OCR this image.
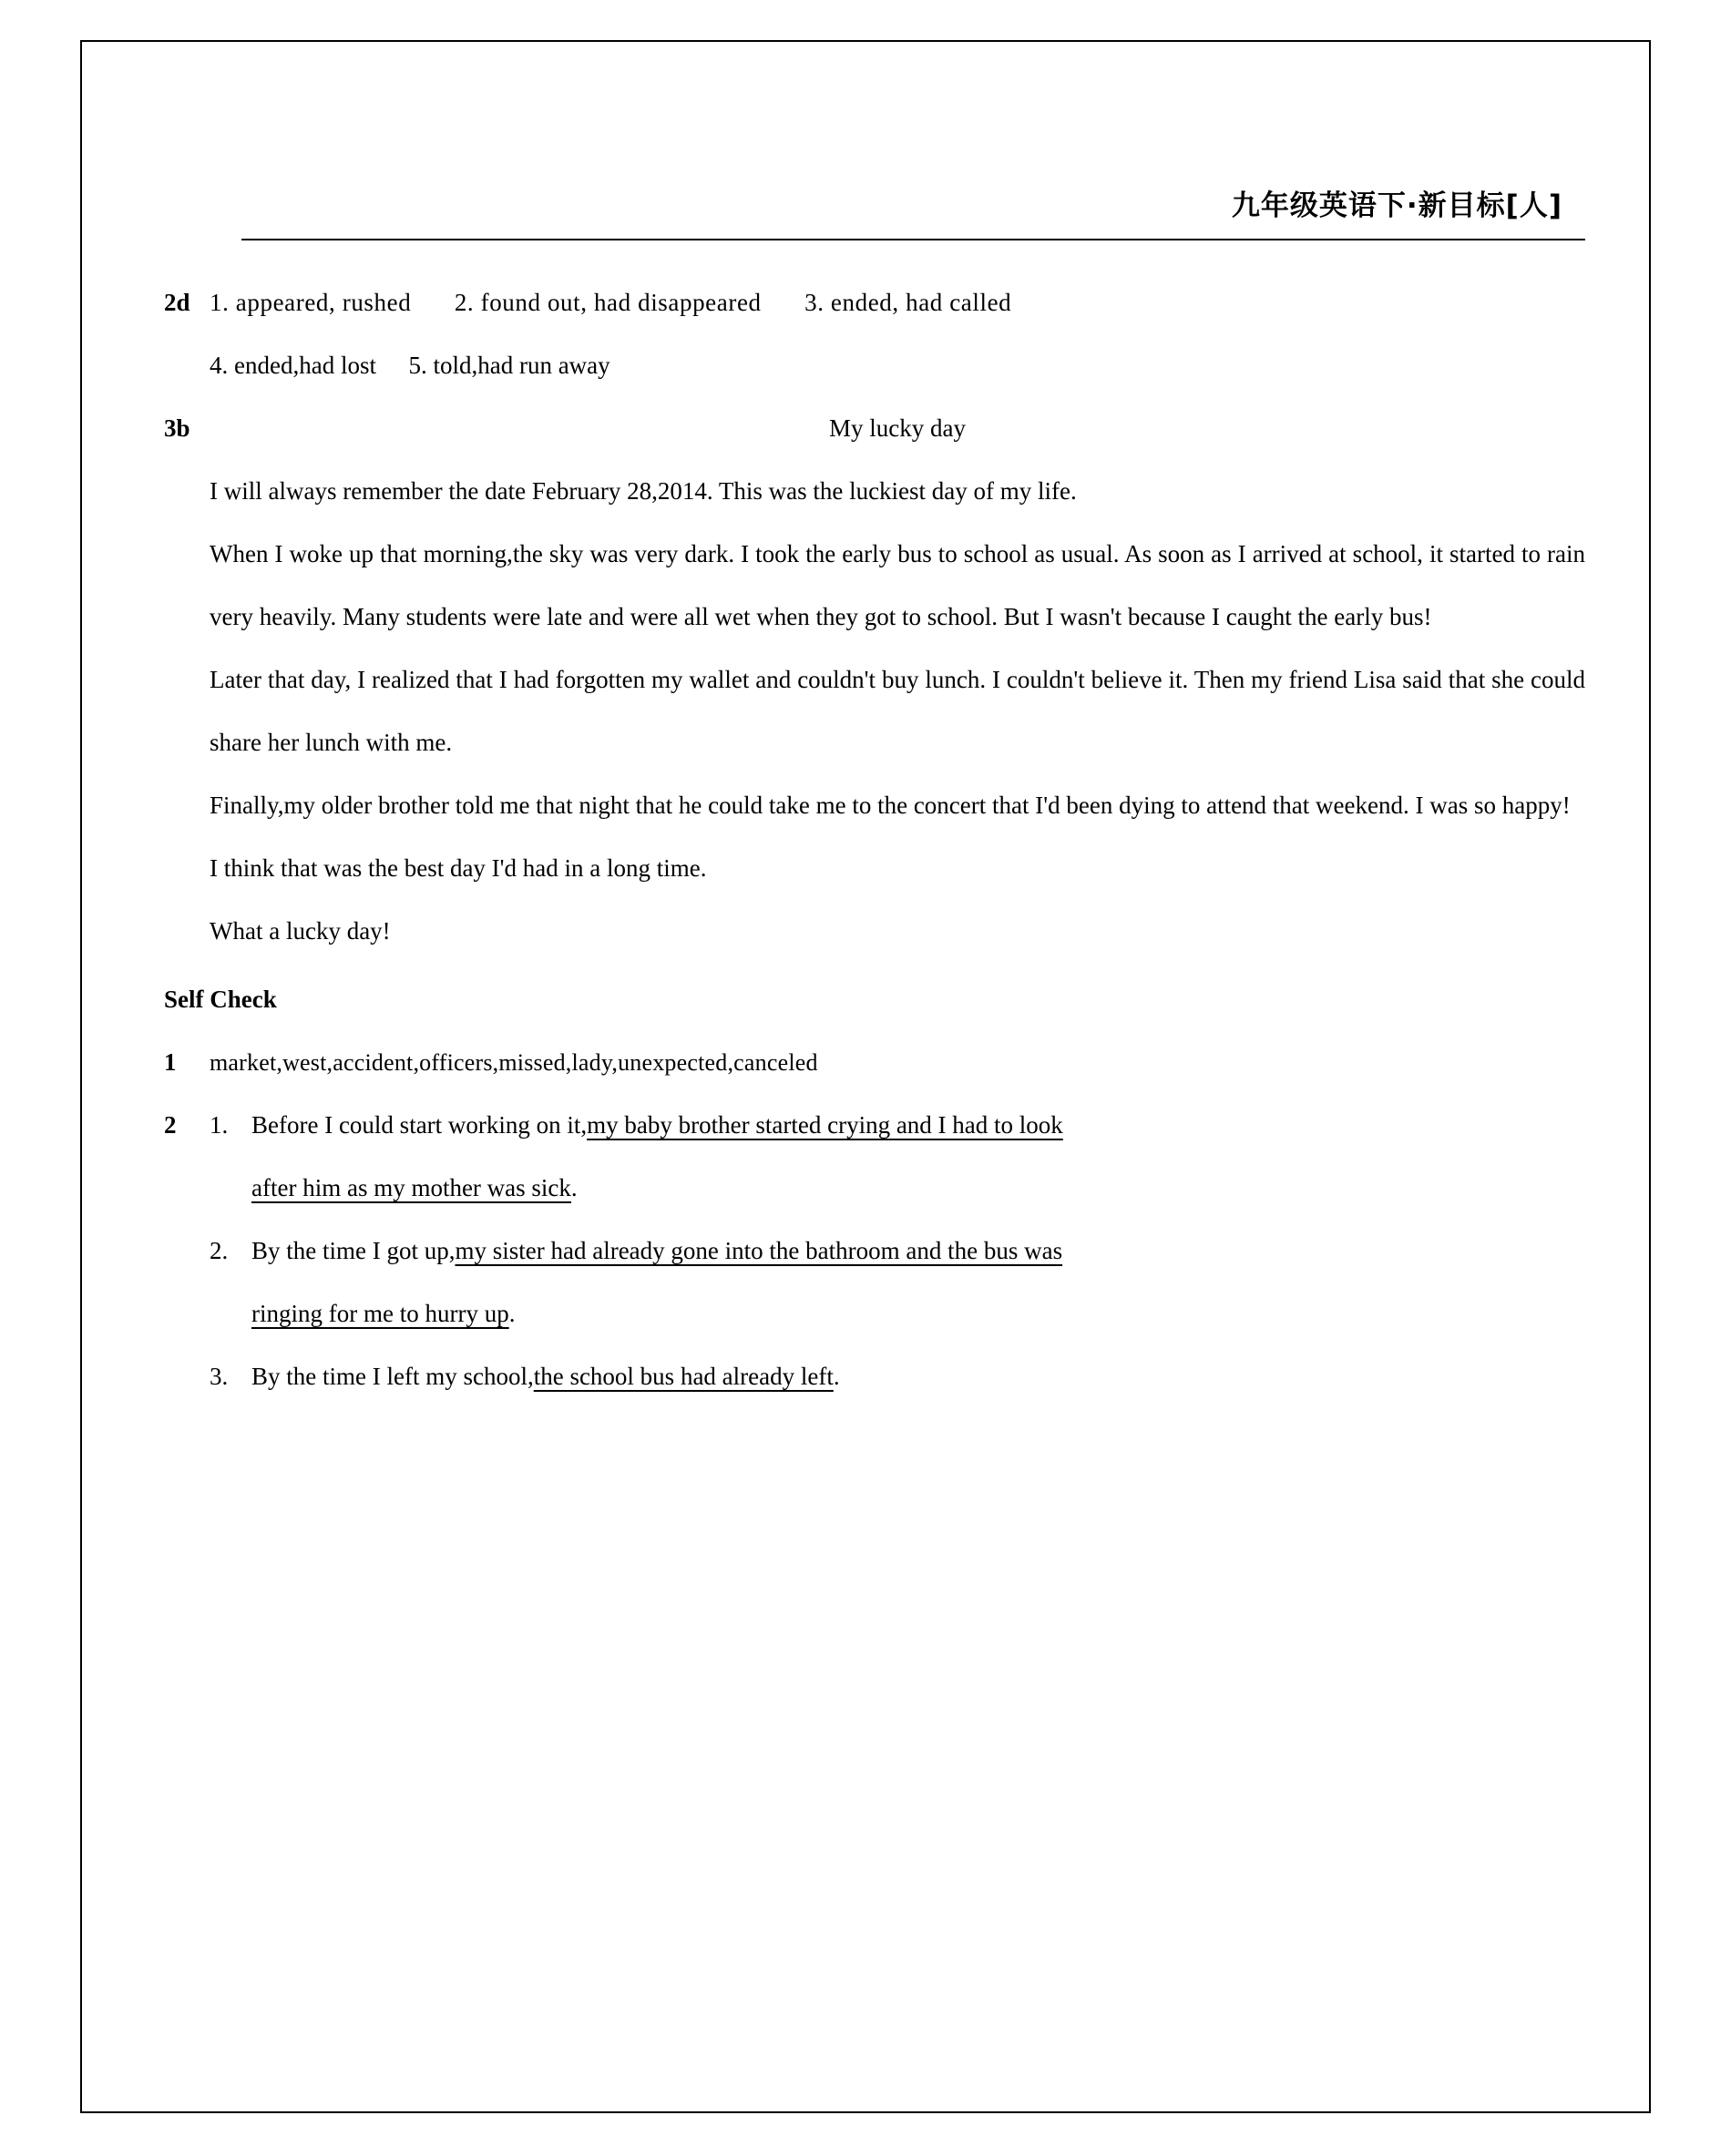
九年级英语下·新目标[人]
2d 1. appeared, rushed 2. found out, had disappeared 3. ended, had called
4. ended,had lost 5. told,had run away
3b	My lucky day
I will always remember the date February 28,2014. This was the luckiest day of my life.
When I woke up that morning,the sky was very dark. I took the early bus to school as usual. As soon as I arrived at school, it started to rain very heavily. Many students were late and were all wet when they got to school. But I wasn't because I caught the early bus!
Later that day, I realized that I had forgotten my wallet and couldn't buy lunch. I couldn't believe it. Then my friend Lisa said that she could share her lunch with me.
Finally,my older brother told me that night that he could take me to the concert that I'd been dying to attend that weekend. I was so happy!
I think that was the best day I'd had in a long time.
What a lucky day!
Self Check
1	market,west,accident,officers,missed,lady,unexpected,canceled
2	1. Before I could start working on it,my baby brother started crying and I had to look
after him as my mother was sick.
2. By the time I got up,my sister had already gone into the bathroom and the bus was
ringing for me to hurry up.
3. By the time I left my school,the school bus had already left.
